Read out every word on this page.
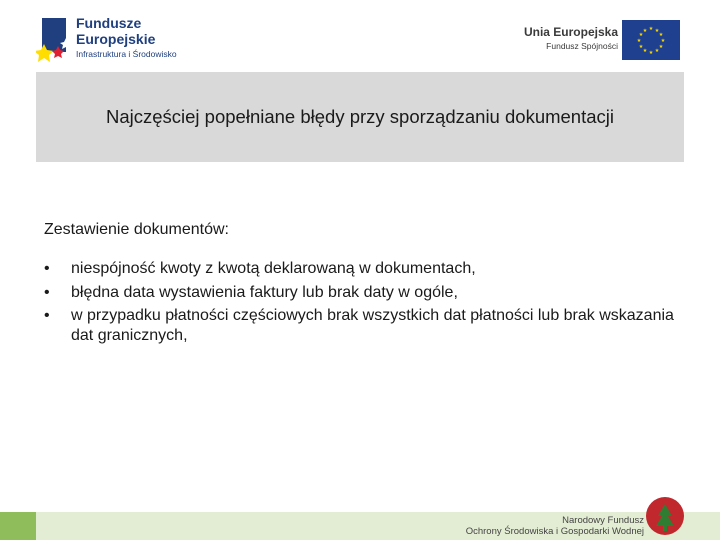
Fundusze
Europejskie
Infrastruktura i Środowisko
Unia Europejska
Fundusz Spójności
★ ★
★
★
★
★
★
★
★
★
★
★
Najczęściej popełniane błędy przy sporządzaniu dokumentacji

Zestawienie dokumentów:

• niespójność kwoty z kwotą deklarowaną w dokumentach,
• błędna data wystawienia faktury lub brak daty w ogóle,
• w przypadku płatności częściowych brak wszystkich dat płatności lub brak wskazania dat granicznych,
Narodowy Fundusz
Ochrony Środowiska i Gospodarki Wodnej
